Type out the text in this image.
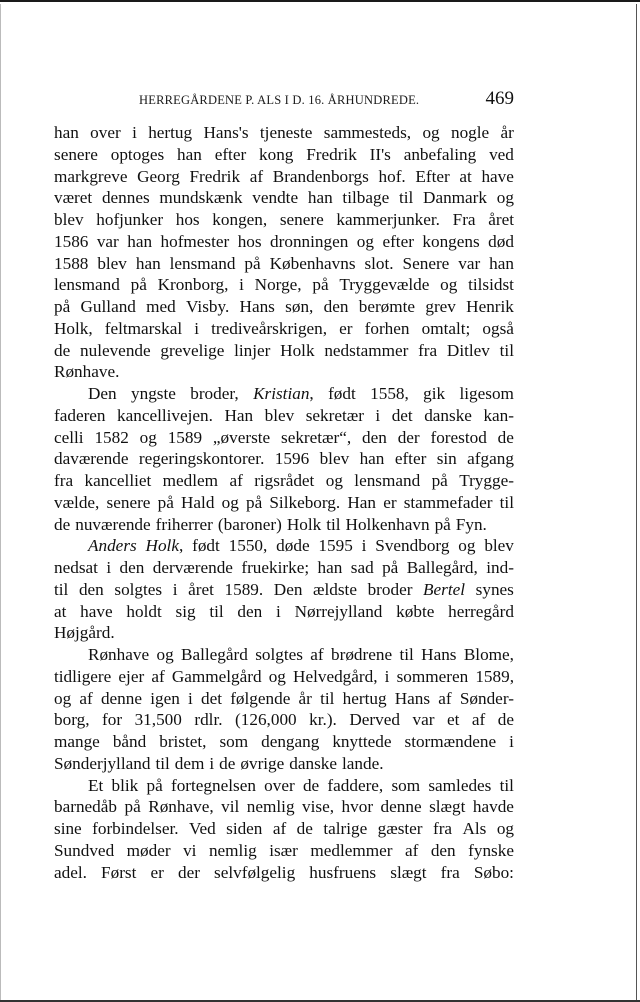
HERREGÅRDENE P. ALS I D. 16. ÅRHUNDREDE.	469
han over i hertug Hans's tjeneste sammesteds, og nogle år
senere optoges han efter kong Fredrik II's anbefaling ved
markgreve Georg Fredrik af Brandenborgs hof. Efter at have
været dennes mundskænk vendte han tilbage til Danmark og
blev hofjunker hos kongen, senere kammerjunker. Fra året
1586 var han hofmester hos dronningen og efter kongens død
1588 blev han lensmand på Københavns slot. Senere var han
lensmand på Kronborg, i Norge, på Tryggevælde og tilsidst
på Gulland med Visby. Hans søn, den berømte grev Henrik
Holk, feltmarskal i trediveårskrigen, er forhen omtalt; også
de nulevende grevelige linjer Holk nedstammer fra Ditlev til
Rønhave.
Den yngste broder, Kristian, født 1558, gik ligesom
faderen kancellivejen. Han blev sekretær i det danske kan-
celli 1582 og 1589 „øverste sekretær“, den der forestod de
daværende regeringskontorer. 1596 blev han efter sin afgang
fra kancelliet medlem af rigsrådet og lensmand på Trygge-
vælde, senere på Hald og på Silkeborg. Han er stammefader til
de nuværende friherrer (baroner) Holk til Holkenhavn på Fyn.
Anders Holk, født 1550, døde 1595 i Svendborg og blev
nedsat i den derværende fruekirke; han sad på Ballegård, ind-
til den solgtes i året 1589. Den ældste broder Bertel synes
at have holdt sig til den i Nørrejylland købte herregård
Højgård.
Rønhave og Ballegård solgtes af brødrene til Hans Blome,
tidligere ejer af Gammelgård og Helvedgård, i sommeren 1589,
og af denne igen i det følgende år til hertug Hans af Sønder-
borg, for 31,500 rdlr. (126,000 kr.). Derved var et af de
mange bånd bristet, som dengang knyttede stormændene i
Sønderjylland til dem i de øvrige danske lande.
Et blik på fortegnelsen over de faddere, som samledes til
barnedåb på Rønhave, vil nemlig vise, hvor denne slægt havde
sine forbindelser. Ved siden af de talrige gæster fra Als og
Sundved møder vi nemlig især medlemmer af den fynske
adel. Først er der selvfølgelig husfruens slægt fra Søbo:
